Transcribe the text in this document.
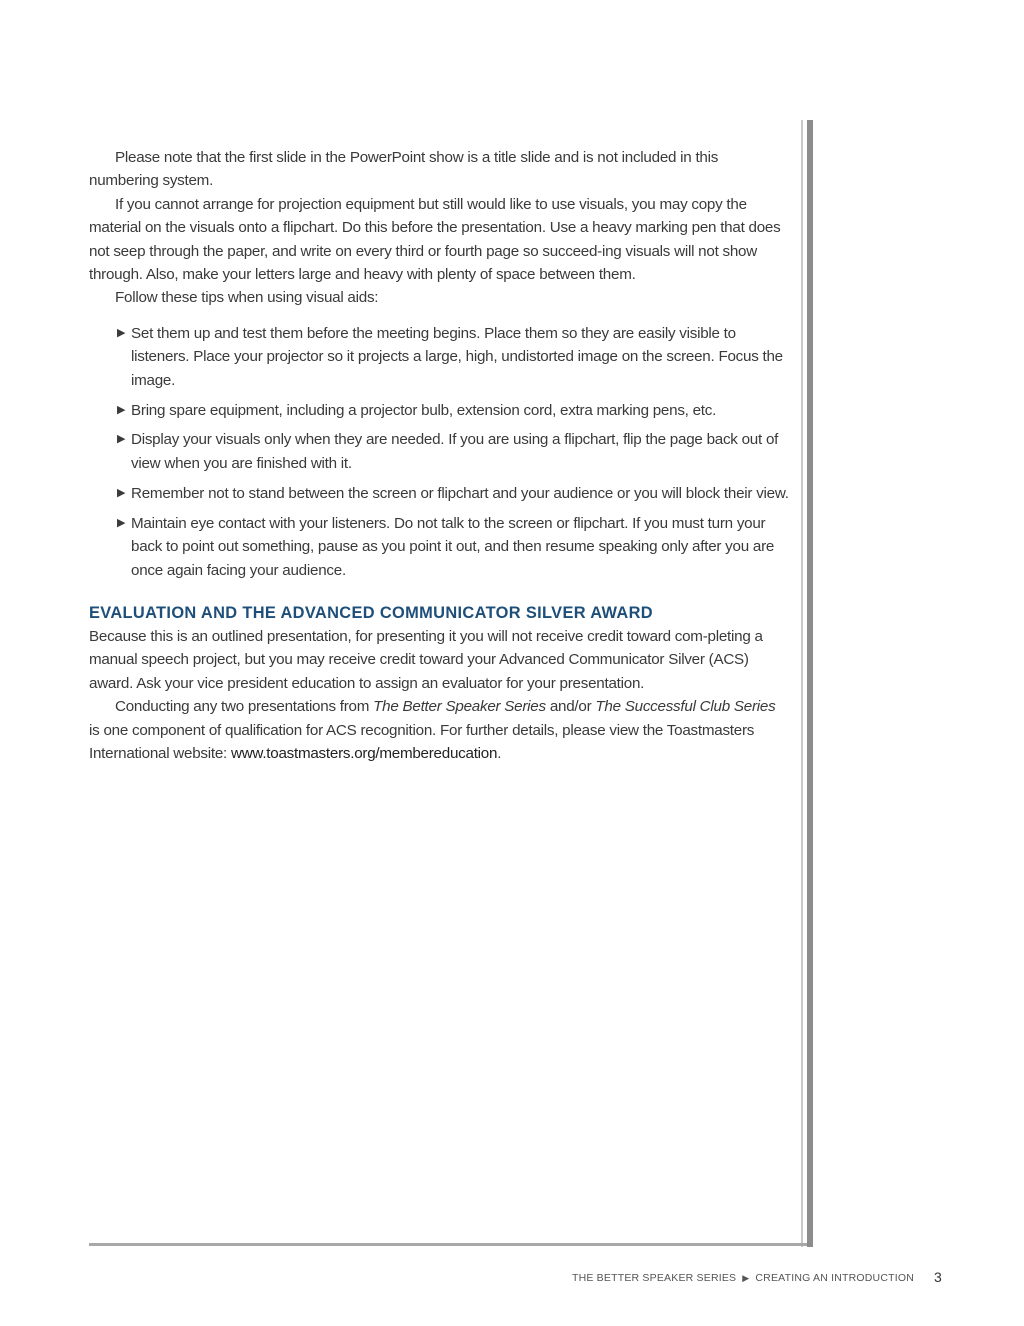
Please note that the first slide in the PowerPoint show is a title slide and is not included in this numbering system.

If you cannot arrange for projection equipment but still would like to use visuals, you may copy the material on the visuals onto a flipchart. Do this before the presentation. Use a heavy marking pen that does not seep through the paper, and write on every third or fourth page so succeed-ing visuals will not show through. Also, make your letters large and heavy with plenty of space between them.

Follow these tips when using visual aids:

▶ Set them up and test them before the meeting begins. Place them so they are easily visible to listeners. Place your projector so it projects a large, high, undistorted image on the screen. Focus the image.
▶ Bring spare equipment, including a projector bulb, extension cord, extra marking pens, etc.
▶ Display your visuals only when they are needed. If you are using a flipchart, flip the page back out of view when you are finished with it.
▶ Remember not to stand between the screen or flipchart and your audience or you will block their view.
▶ Maintain eye contact with your listeners. Do not talk to the screen or flipchart. If you must turn your back to point out something, pause as you point it out, and then resume speaking only after you are once again facing your audience.
EVALUATION AND THE ADVANCED COMMUNICATOR SILVER AWARD

Because this is an outlined presentation, for presenting it you will not receive credit toward com-pleting a manual speech project, but you may receive credit toward your Advanced Communicator Silver (ACS) award. Ask your vice president education to assign an evaluator for your presentation.

Conducting any two presentations from The Better Speaker Series and/or The Successful Club Series is one component of qualification for ACS recognition. For further details, please view the Toastmasters International website: www.toastmasters.org/membereducation.

THE BETTER SPEAKER SERIES ▶ CREATING AN INTRODUCTION 3
